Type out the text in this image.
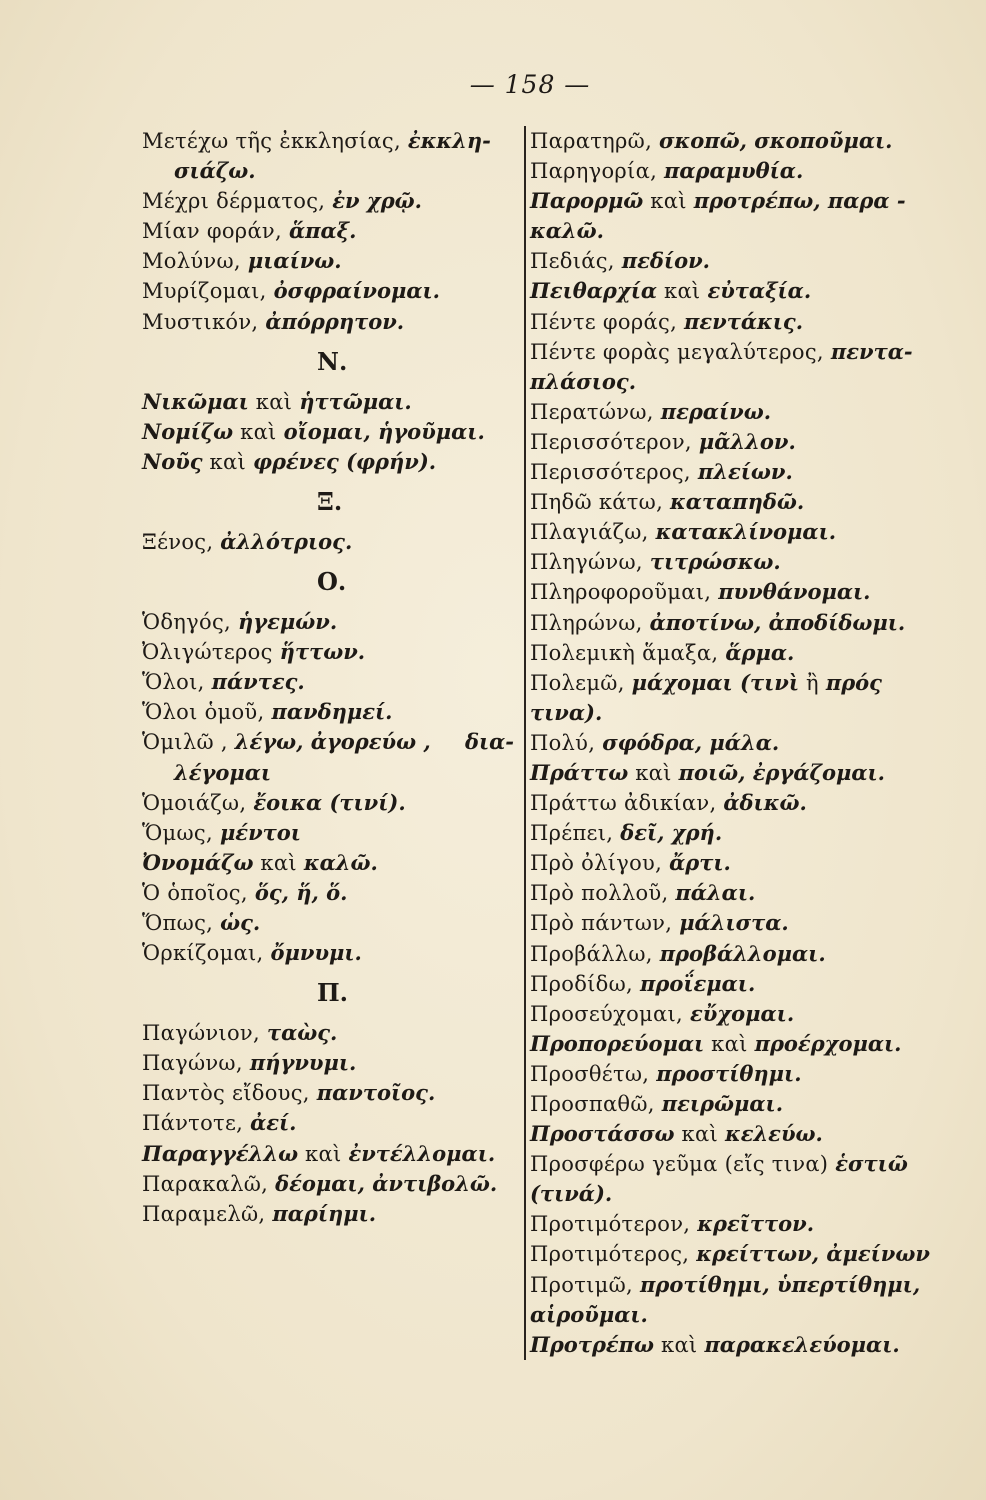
— 158 —
Μετέχω τῆς ἐκκλησίας, ἐκκλη-
σιάζω.
Μέχρι δέρματος, ἐν χρῷ.
Μίαν φοράν, ἅπαξ.
Μολύνω, μιαίνω.
Μυρίζομαι, ὀσφραίνομαι.
Μυστικόν, ἀπόρρητον.
Ν.
Νικῶμαι καὶ ἡττῶμαι.
Νομίζω καὶ οἴομαι, ἡγοῦμαι.
Νοῦς καὶ φρένες (φρήν).
Ξ.
Ξένος, ἀλλότριος.
Ο.
Ὁδηγός, ἡγεμών.
Ὀλιγώτερος ἥττων.
Ὅλοι, πάντες.
Ὅλοι ὁμοῦ, πανδημεί.
Ὁμιλῶ , λέγω, ἀγορεύω , δια-
λέγομαι
Ὁμοιάζω, ἔοικα (τινί).
Ὅμως, μέντοι
Ὀνομάζω καὶ καλῶ.
Ὁ ὁποῖος, ὅς, ἥ, ὅ.
Ὅπως, ὡς.
Ὁρκίζομαι, ὄμνυμι.
Π.
Παγώνιον, ταὼς.
Παγώνω, πήγνυμι.
Παντὸς εἴδους, παντοῖος.
Πάντοτε, ἀεί.
Παραγγέλλω καὶ ἐντέλλομαι.
Παρακαλῶ, δέομαι, ἀντιβολῶ.
Παραμελῶ, παρίημι.
Παρατηρῶ, σκοπῶ, σκοποῦμαι.
Παρηγορία, παραμυθία.
Παρορμῶ καὶ προτρέπω, παρα -
καλῶ.
Πεδιάς, πεδίον.
Πειθαρχία καὶ εὐταξία.
Πέντε φοράς, πεντάκις.
Πέντε φορὰς μεγαλύτερος, πεντα-
πλάσιος.
Περατώνω, περαίνω.
Περισσότερον, μᾶλλον.
Περισσότερος, πλείων.
Πηδῶ κάτω, καταπηδῶ.
Πλαγιάζω, κατακλίνομαι.
Πληγώνω, τιτρώσκω.
Πληροφοροῦμαι, πυνθάνομαι.
Πληρώνω, ἀποτίνω, ἀποδίδωμι.
Πολεμικὴ ἅμαξα, ἅρμα.
Πολεμῶ, μάχομαι (τινὶ ἢ πρός
τινα).
Πολύ, σφόδρα, μάλα.
Πράττω καὶ ποιῶ, ἐργάζομαι.
Πράττω ἀδικίαν, ἀδικῶ.
Πρέπει, δεῖ, χρή.
Πρὸ ὀλίγου, ἄρτι.
Πρὸ πολλοῦ, πάλαι.
Πρὸ πάντων, μάλιστα.
Προβάλλω, προβάλλομαι.
Προδίδω, προΐεμαι.
Προσεύχομαι, εὔχομαι.
Προπορεύομαι καὶ προέρχομαι.
Προσθέτω, προστίθημι.
Προσπαθῶ, πειρῶμαι.
Προστάσσω καὶ κελεύω.
Προσφέρω γεῦμα (εἴς τινα) ἑστιῶ
(τινά).
Προτιμότερον, κρεῖττον.
Προτιμότερος, κρείττων, ἀμείνων
Προτιμῶ, προτίθημι, ὑπερτίθημι,
αἱροῦμαι.
Προτρέπω καὶ παρακελεύομαι.
